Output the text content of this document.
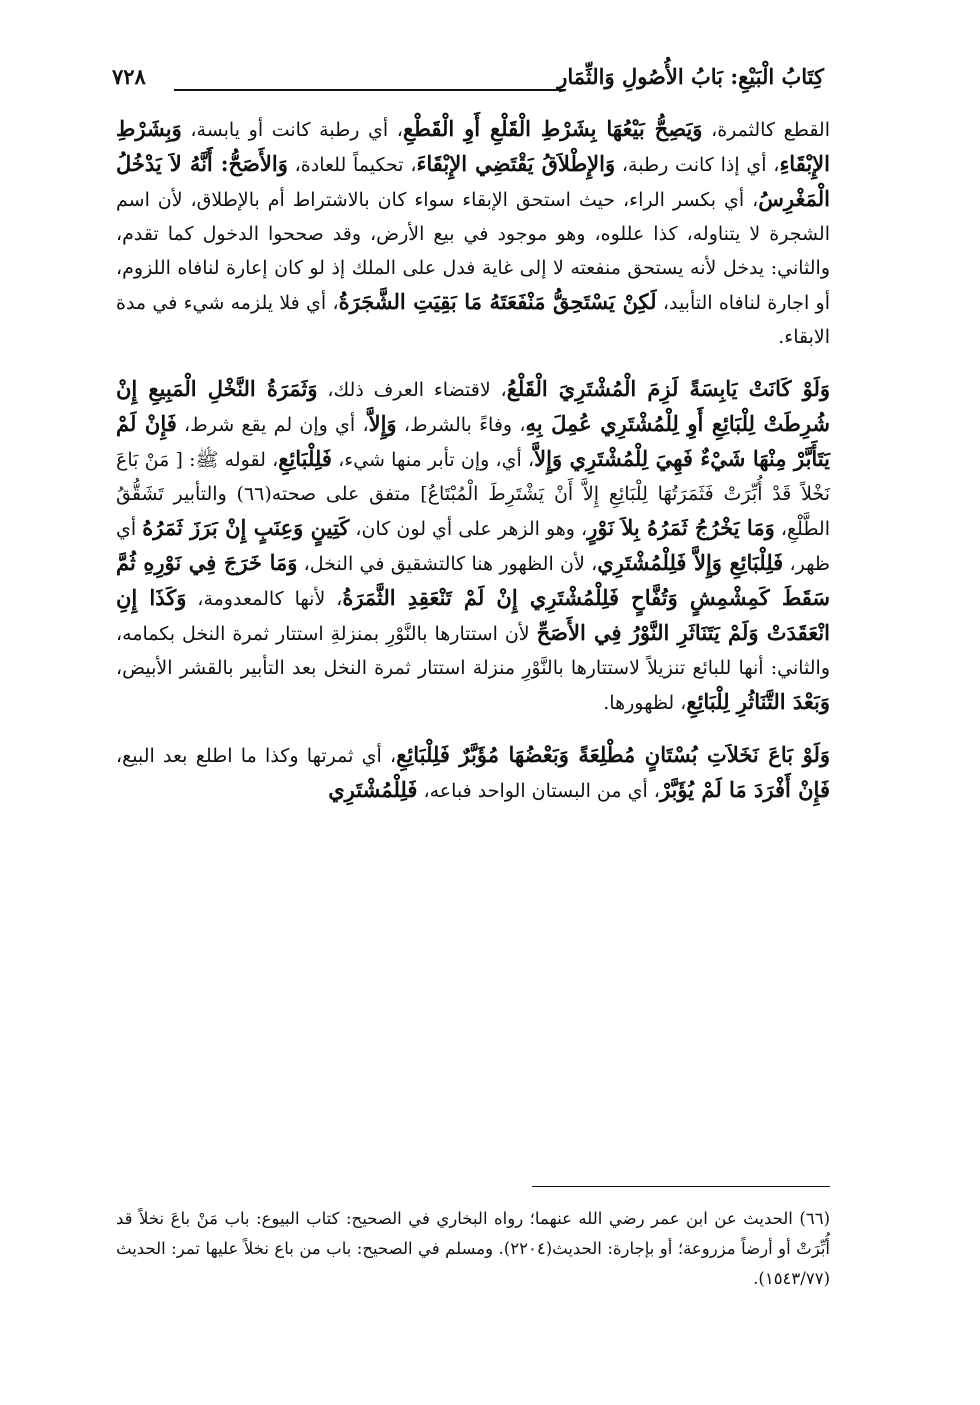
كِتَابُ الْبَيْعِ: بَابُ الأُصُولِ وَالثِّمَارِ
٧٢٨

القطع كالثمرة، وَيَصِحُّ بَيْعُهَا بِشَرْطِ الْقَلْعِ أَوِ الْقَطْعِ، أي رطبة كانت أو يابسة، وَبِشَرْطِ الإِبْقَاءِ، أي إذا كانت رطبة، وَالإِطْلاَقُ يَقْتَضِي الإِبْقَاءَ، تحكيماً للعادة، وَالأَصَحُّ: أَنَّهُ لاَ يَدْخُلُ الْمَغْرِسُ، أي بكسر الراء، حيث استحق الإبقاء سواء كان بالاشتراط أم بالإطلاق، لأن اسم الشجرة لا يتناوله، كذا عللوه، وهو موجود في بيع الأرض، وقد صححوا الدخول كما تقدم، والثاني: يدخل لأنه يستحق منفعته لا إلى غاية فدل على الملك إذ لو كان إعارة لنافاه اللزوم، أو اجارة لنافاه التأبيد، لَكِنْ يَسْتَحِقُّ مَنْفَعَتَهُ مَا بَقِيَتِ الشَّجَرَةُ، أي فلا يلزمه شيء في مدة الابقاء.

وَلَوْ كَانَتْ يَابِسَةً لَزِمَ الْمُشْتَرِيَ الْقَلْعُ، لاقتضاء العرف ذلك، وَثَمَرَةُ النَّخْلِ الْمَبِيعِ إِنْ شُرِطَتْ لِلْبَائِعِ أَوِ لِلْمُشْتَرِي عُمِلَ بِهِ، وفاءً بالشرط، وَإِلاَّ، أي وإن لم يقع شرط، فَإِنْ لَمْ يَتَأَبَّرْ مِنْهَا شَيْءٌ فَهِيَ لِلْمُشْتَرِي وَإِلاَّ، أي، وإن تأبر منها شيء، فَلِلْبَائِعِ، لقوله ﷺ: [ مَنْ بَاعَ نَخْلاً قَدْ أُبِّرَتْ فَثَمَرَتُهَا لِلْبَائِعِ إِلاَّ أَنْ يَشْتَرِطَ الْمُبْتَاعُ] متفق على صحته(٦٦) والتأبير تَشَقُّقُ الطَّلْعِ، وَمَا يَخْرُجُ ثَمَرُهُ بِلاَ نَوْرٍ، وهو الزهر على أي لون كان، كَتِينٍ وَعِنَبٍ إِنْ بَرَزَ ثَمَرُهُ أي ظهر، فَلِلْبَائِعِ وَإِلاَّ فَلِلْمُشْتَرِي، لأن الظهور هنا كالتشقيق في النخل، وَمَا خَرَجَ فِي نَوْرِهِ ثُمَّ سَقَطَ كَمِشْمِشٍ وَتُفَّاحٍ فَلِلْمُشْتَرِي إِنْ لَمْ تَنْعَقِدِ الثَّمَرَةُ، لأنها كالمعدومة، وَكَذَا إِنِ انْعَقَدَتْ وَلَمْ يَتَنَاثَرِ النَّوْرُ فِي الأَصَحِّ لأن استتارها بالنَّوْرِ بمنزلةِ استتار ثمرة النخل بكمامه، والثاني: أنها للبائع تنزيلاً لاستتارها بالنَّوْرِ منزلة استتار ثمرة النخل بعد التأبير بالقشر الأبيض، وَبَعْدَ التَّنَاثُرِ لِلْبَائِعِ، لظهورها.

وَلَوْ بَاعَ نَخَلاَتِ بُسْتَانٍ مُطْلِعَةً وَبَعْضُهَا مُؤَبَّرٌ فَلِلْبَائِعِ، أي ثمرتها وكذا ما اطلع بعد البيع، فَإِنْ أَفْرَدَ مَا لَمْ يُؤَبَّرْ، أي من البستان الواحد فباعه، فَلِلْمُشْتَرِي

(٦٦) الحديث عن ابن عمر رضي الله عنهما؛ رواه البخاري في الصحيح: كتاب البيوع: باب مَنْ باعَ نخلاً قد أُبِّرَتْ أو أرضاً مزروعة؛ أو بإجارة: الحديث(٢٢٠٤). ومسلم في الصحيح: باب من باع نخلاً عليها تمر: الحديث (١٥٤٣/٧٧).
